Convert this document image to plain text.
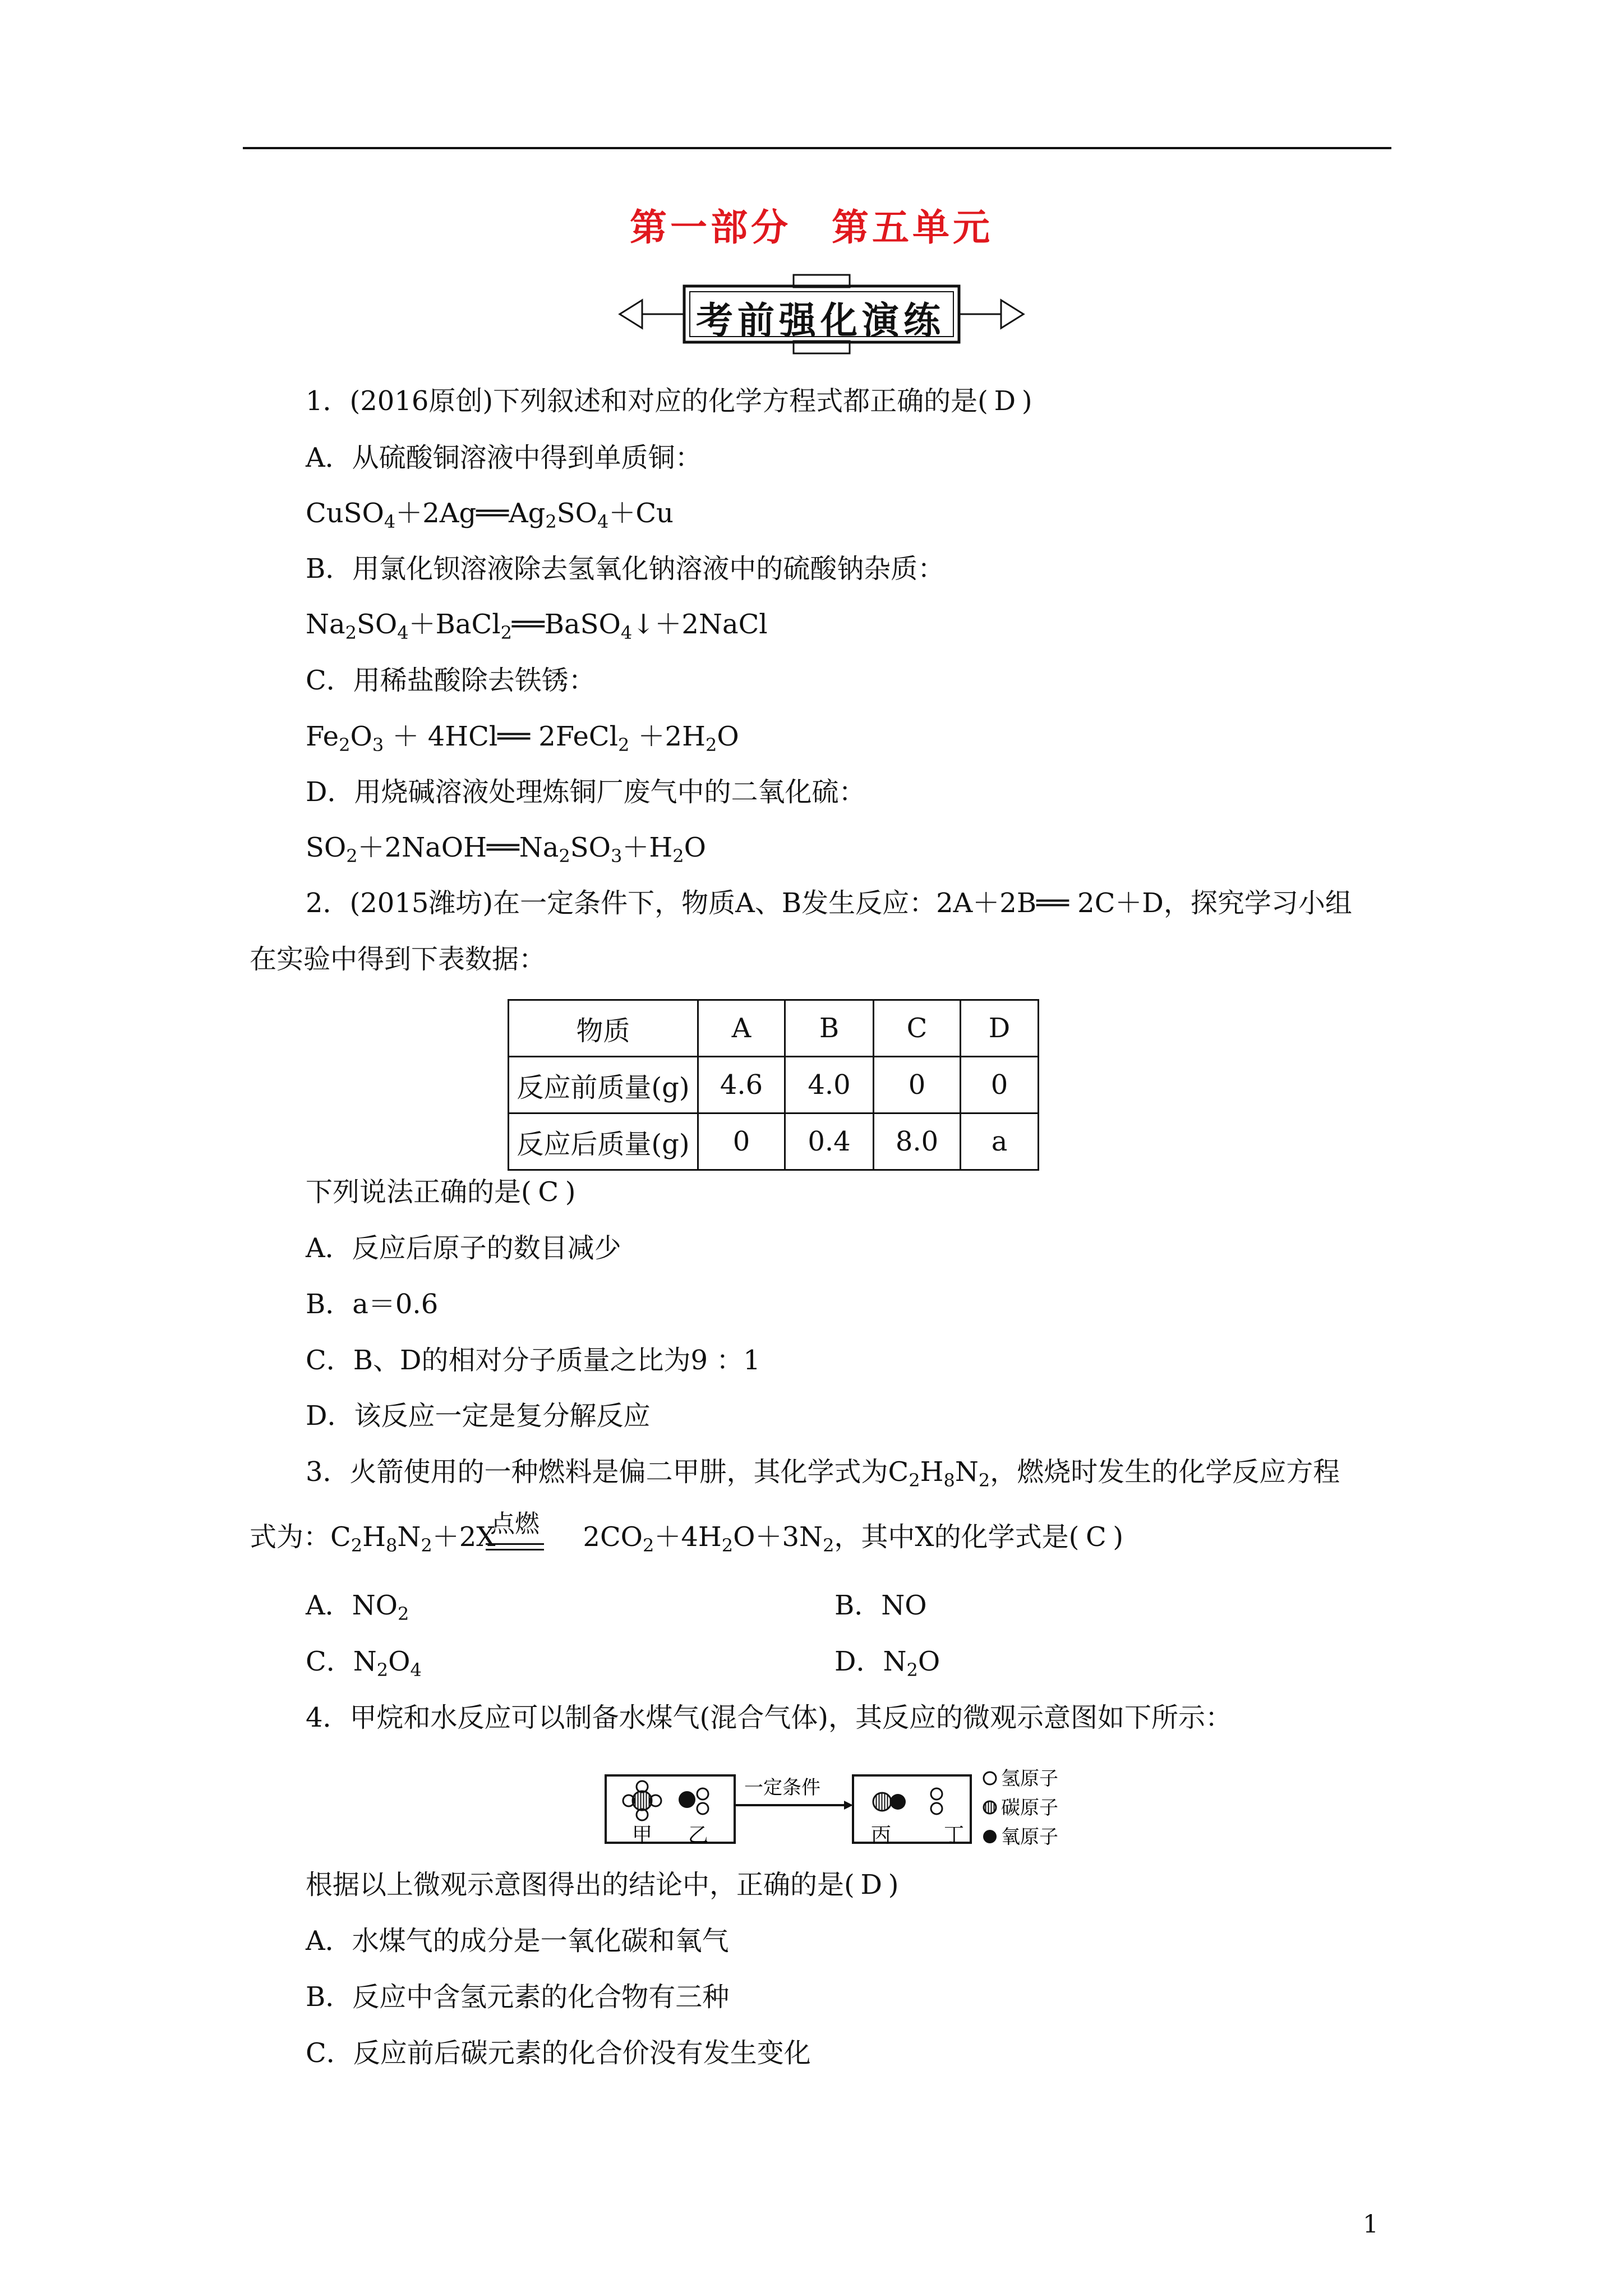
第一部分　第五单元
考前强化演练
1．(2016原创)下列叙述和对应的化学方程式都正确的是( D )
A．从硫酸铜溶液中得到单质铜：
$CuSO_4+2Ag══Ag_2SO_4+Cu$
B．用氯化钡溶液除去氢氧化钠溶液中的硫酸钠杂质：
$Na_2SO_4+BaCl_2══BaSO_4↓+2NaCl$
C．用稀盐酸除去铁锈：
$Fe_2O_3$ ＋ 4HCl══ 2FeCl$_2$ $+2H_2O$
D．用烧碱溶液处理炼铜厂废气中的二氧化硫：
$SO_2+2NaOH══Na_2SO_3+H_2O$
2．(2015潍坊)在一定条件下，物质A、B发生反应：2A＋2B══ 2C＋D，探究学习小组
在实验中得到下表数据：
物质	A	B	C	D
反应前质量(g)	4.6	4.0	0	0
反应后质量(g)	0	0.4	8.0	a
下列说法正确的是( C )
A．反应后原子的数目减少
B．a＝0.6
C．B、D的相对分子质量之比为9 ：1
D．该反应一定是复分解反应
3．火箭使用的一种燃料是偏二甲肼，其化学式为$C_2H_8N_2$，燃烧时发生的化学反应方程
点燃
式为：$C_2H_8N_2+2X$	$2CO_2+4H_2O+3N_2$，其中X的化学式是( C )
A．$NO_2$	B．NO
C．$N_2O_4$	D．$N_2O$
4．甲烷和水反应可以制备水煤气(混合气体)，其反应的微观示意图如下所示：
甲 乙
一定条件
丙	丁
氢原子
碳原子
氧原子
根据以上微观示意图得出的结论中，正确的是( D )
A．水煤气的成分是一氧化碳和氧气
B．反应中含氢元素的化合物有三种
C．反应前后碳元素的化合价没有发生变化
1
